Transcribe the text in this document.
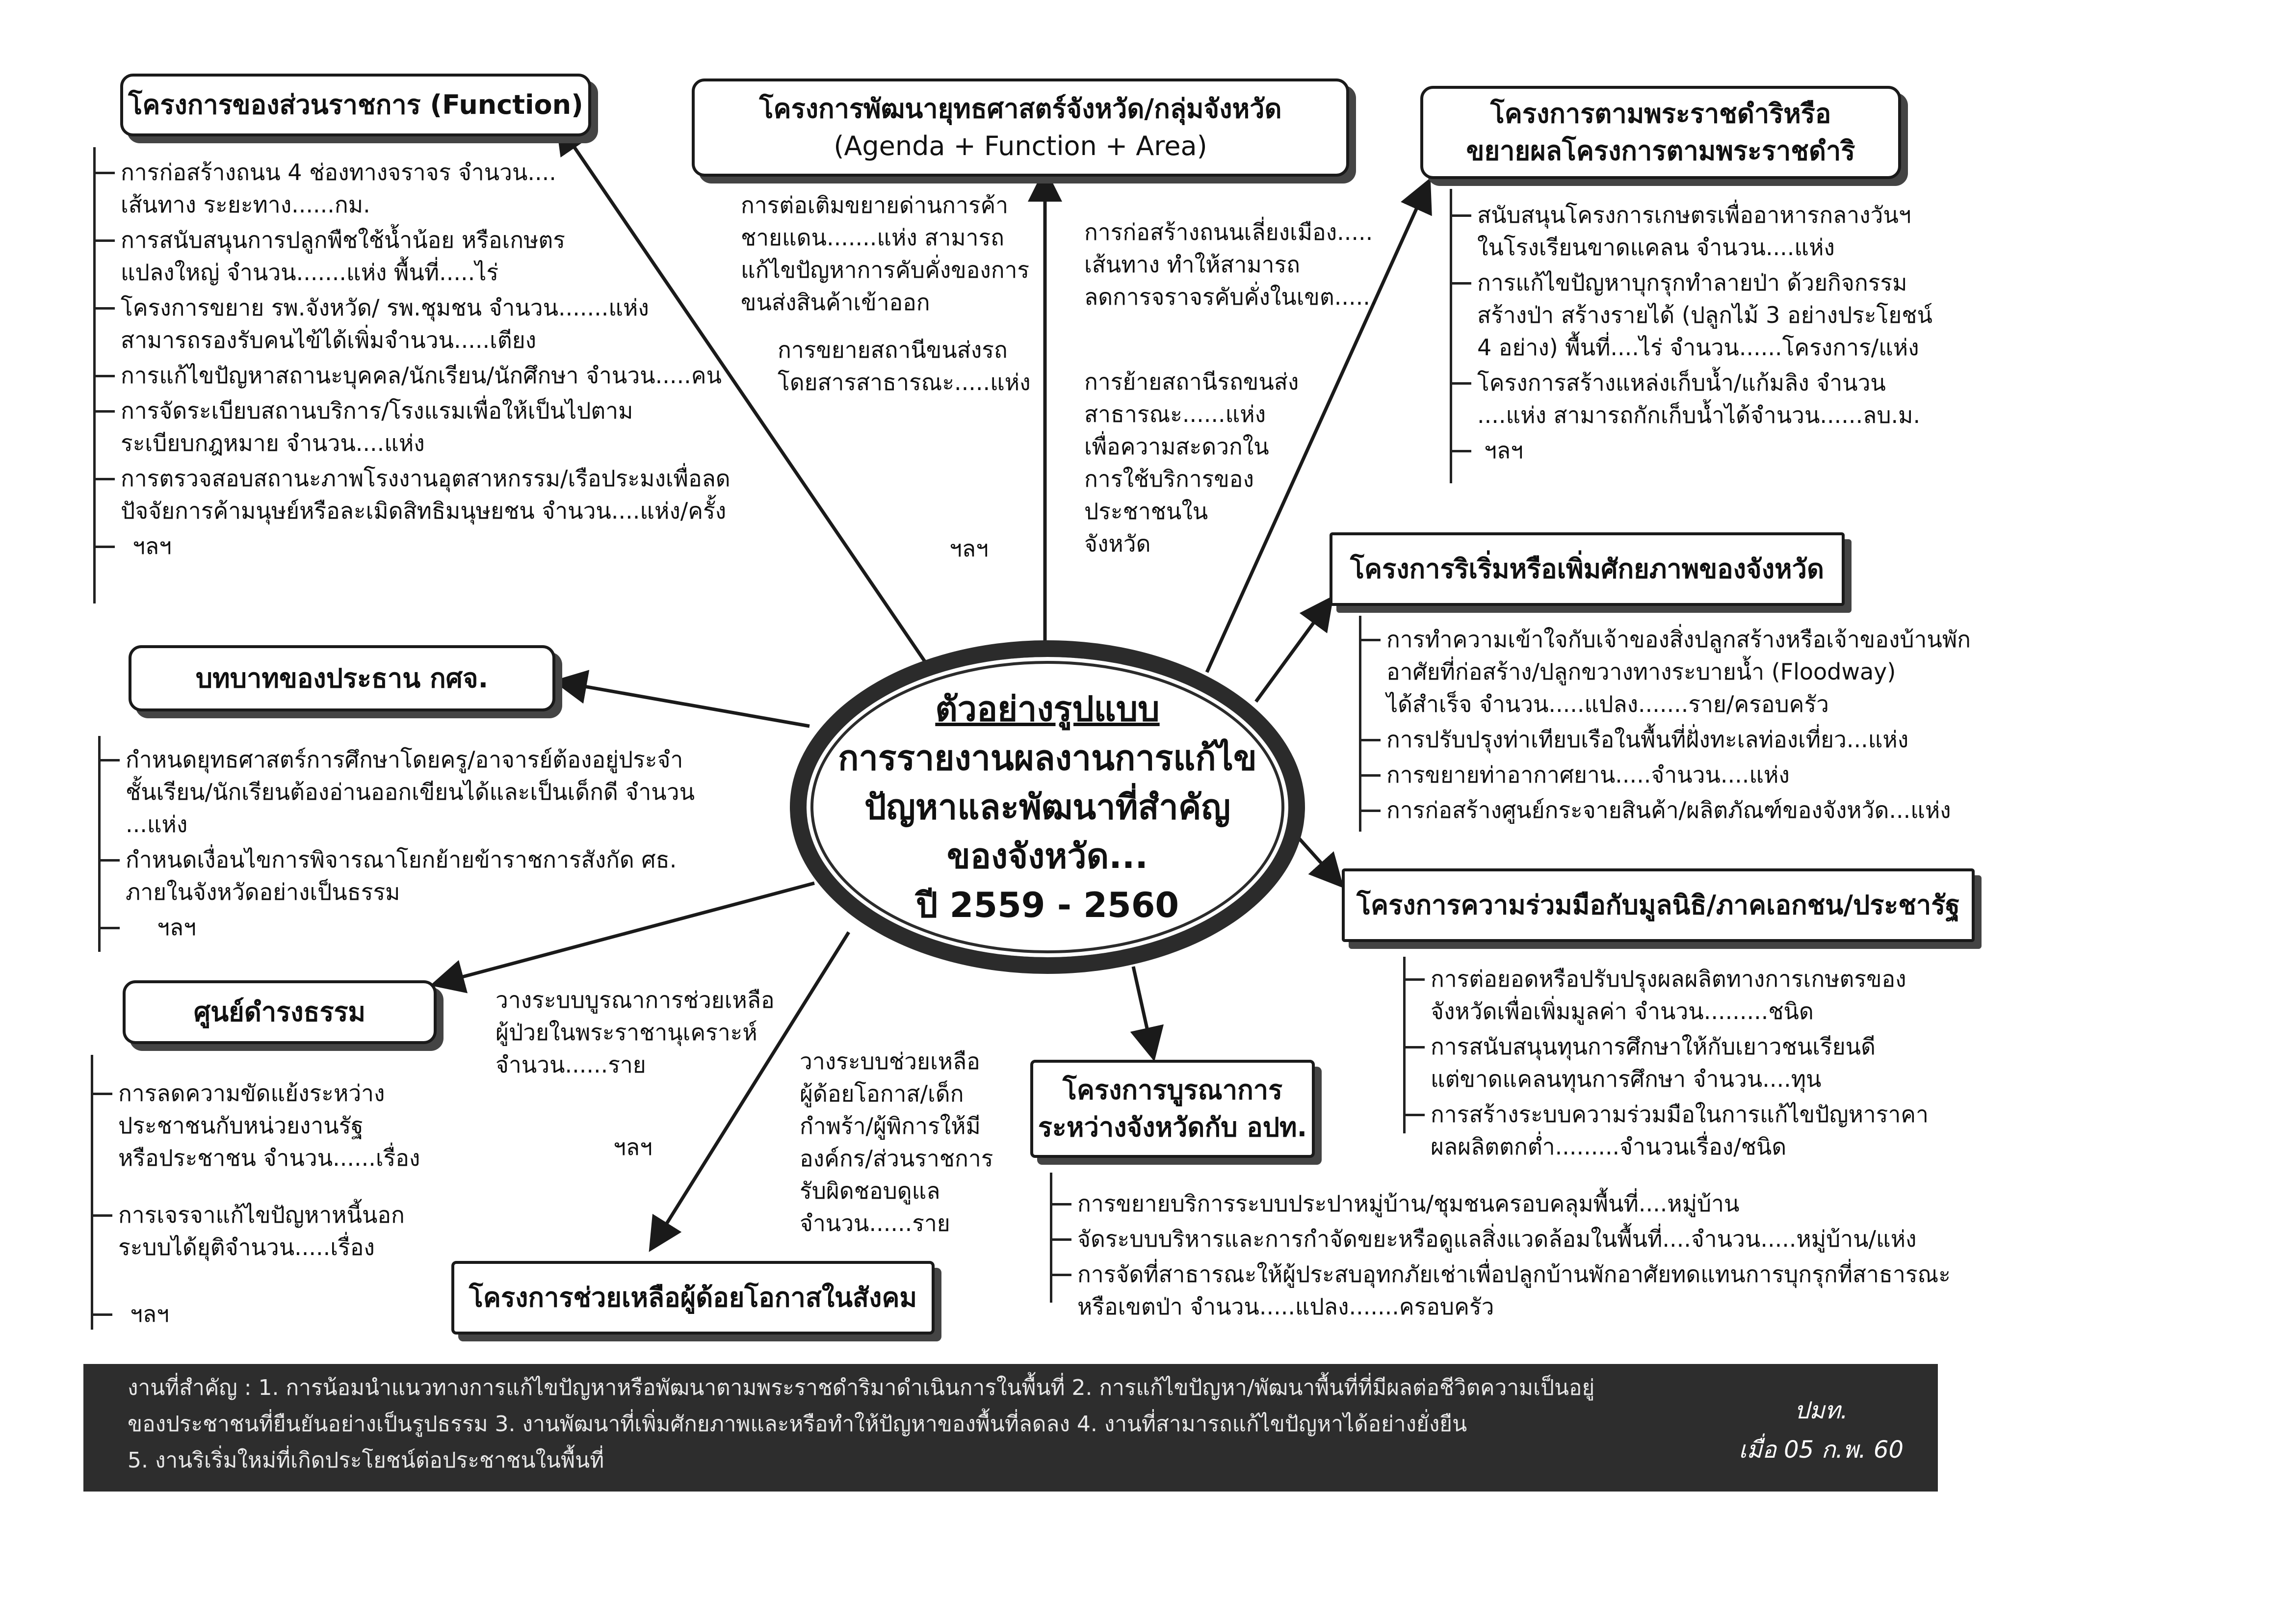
โครงการของส่วนราชการ (Function)
การก่อสร้างถนน 4 ช่องทางจราจร จำนวน....
เส้นทาง ระยะทาง......กม.
การสนับสนุนการปลูกพืชใช้น้ำน้อย หรือเกษตร
แปลงใหญ่ จำนวน.......แห่ง พื้นที่.....ไร่
โครงการขยาย รพ.จังหวัด/ รพ.ชุมชน จำนวน.......แห่ง
สามารถรองรับคนไข้ได้เพิ่มจำนวน.....เตียง
การแก้ไขปัญหาสถานะบุคคล/นักเรียน/นักศึกษา จำนวน.....คน
การจัดระเบียบสถานบริการ/โรงแรมเพื่อให้เป็นไปตาม
ระเบียบกฎหมาย จำนวน....แห่ง
การตรวจสอบสถานะภาพโรงงานอุตสาหกรรม/เรือประมงเพื่อลด
ปัจจัยการค้ามนุษย์หรือละเมิดสิทธิมนุษยชน จำนวน....แห่ง/ครั้ง
ฯลฯ
โครงการพัฒนายุทธศาสตร์จังหวัด/กลุ่มจังหวัด
(Agenda + Function + Area)
การต่อเติมขยายด่านการค้า
ชายแดน.......แห่ง สามารถ
แก้ไขปัญหาการคับคั่งของการ
ขนส่งสินค้าเข้าออก
การขยายสถานีขนส่งรถ
โดยสารสาธารณะ.....แห่ง
ฯลฯ
การก่อสร้างถนนเลี่ยงเมือง.....
เส้นทาง ทำให้สามารถ
ลดการจราจรคับคั่งในเขต......
การย้ายสถานีรถขนส่ง
สาธารณะ......แห่ง
เพื่อความสะดวกใน
การใช้บริการของ
ประชาชนใน
จังหวัด
โครงการตามพระราชดำริหรือ
ขยายผลโครงการตามพระราชดำริ
สนับสนุนโครงการเกษตรเพื่ออาหารกลางวันฯ
ในโรงเรียนขาดแคลน จำนวน....แห่ง
การแก้ไขปัญหาบุกรุกทำลายป่า ด้วยกิจกรรม
สร้างป่า สร้างรายได้ (ปลูกไม้ 3 อย่างประโยชน์
4 อย่าง) พื้นที่....ไร่ จำนวน......โครงการ/แห่ง
โครงการสร้างแหล่งเก็บน้ำ/แก้มลิง จำนวน
....แห่ง สามารถกักเก็บน้ำได้จำนวน......ลบ.ม.
ฯลฯ
โครงการริเริ่มหรือเพิ่มศักยภาพของจังหวัด
การทำความเข้าใจกับเจ้าของสิ่งปลูกสร้างหรือเจ้าของบ้านพัก
อาศัยที่ก่อสร้าง/ปลูกขวางทางระบายน้ำ (Floodway)
ได้สำเร็จ จำนวน.....แปลง.......ราย/ครอบครัว
การปรับปรุงท่าเทียบเรือในพื้นที่ฝั่งทะเลท่องเที่ยว...แห่ง
การขยายท่าอากาศยาน.....จำนวน....แห่ง
การก่อสร้างศูนย์กระจายสินค้า/ผลิตภัณฑ์ของจังหวัด...แห่ง
บทบาทของประธาน กศจ.
กำหนดยุทธศาสตร์การศึกษาโดยครู/อาจารย์ต้องอยู่ประจำ
ชั้นเรียน/นักเรียนต้องอ่านออกเขียนได้และเป็นเด็กดี จำนวน
...แห่ง
กำหนดเงื่อนไขการพิจารณาโยกย้ายข้าราชการสังกัด ศธ.
ภายในจังหวัดอย่างเป็นธรรม
ฯลฯ
ตัวอย่างรูปแบบ
การรายงานผลงานการแก้ไข
ปัญหาและพัฒนาที่สำคัญ
ของจังหวัด...
ปี 2559 - 2560	โครงการความร่วมมือกับมูลนิธิ/ภาคเอกชน/ประชารัฐ
การต่อยอดหรือปรับปรุงผลผลิตทางการเกษตรของ
จังหวัดเพื่อเพิ่มมูลค่า จำนวน.........ชนิด
การสนับสนุนทุนการศึกษาให้กับเยาวชนเรียนดี
แต่ขาดแคลนทุนการศึกษา จำนวน....ทุน
การสร้างระบบความร่วมมือในการแก้ไขปัญหาราคา
ผลผลิตตกต่ำ.........จำนวนเรื่อง/ชนิด
ศูนย์ดำรงธรรม
การลดความขัดแย้งระหว่าง
ประชาชนกับหน่วยงานรัฐ
หรือประชาชน จำนวน......เรื่อง
การเจรจาแก้ไขปัญหาหนี้นอก
ระบบได้ยุติจำนวน.....เรื่อง
ฯลฯ
วางระบบบูรณาการช่วยเหลือ
ผู้ป่วยในพระราชานุเคราะห์
จำนวน......ราย	วางระบบช่วยเหลือ
ผู้ด้อยโอกาส/เด็ก
กำพร้า/ผู้พิการให้มี
องค์กร/ส่วนราชการ
รับผิดชอบดูแล
จำนวน......ราย
ฯลฯ
โครงการช่วยเหลือผู้ด้อยโอกาสในสังคม
โครงการบูรณาการ
ระหว่างจังหวัดกับ อปท.
การขยายบริการระบบประปาหมู่บ้าน/ชุมชนครอบคลุมพื้นที่....หมู่บ้าน
จัดระบบบริหารและการกำจัดขยะหรือดูแลสิ่งแวดล้อมในพื้นที่....จำนวน.....หมู่บ้าน/แห่ง
การจัดที่สาธารณะให้ผู้ประสบอุทกภัยเช่าเพื่อปลูกบ้านพักอาศัยทดแทนการบุกรุกที่สาธารณะ
หรือเขตป่า จำนวน.....แปลง.......ครอบครัว
งานที่สำคัญ : 1. การน้อมนำแนวทางการแก้ไขปัญหาหรือพัฒนาตามพระราชดำริมาดำเนินการในพื้นที่ 2. การแก้ไขปัญหา/พัฒนาพื้นที่ที่มีผลต่อชีวิตความเป็นอยู่
ของประชาชนที่ยืนยันอย่างเป็นรูปธรรม 3. งานพัฒนาที่เพิ่มศักยภาพและหรือทำให้ปัญหาของพื้นที่ลดลง 4. งานที่สามารถแก้ไขปัญหาได้อย่างยั่งยืน
5. งานริเริ่มใหม่ที่เกิดประโยชน์ต่อประชาชนในพื้นที่
ปมท.
เมื่อ 05 ก.พ. 60
